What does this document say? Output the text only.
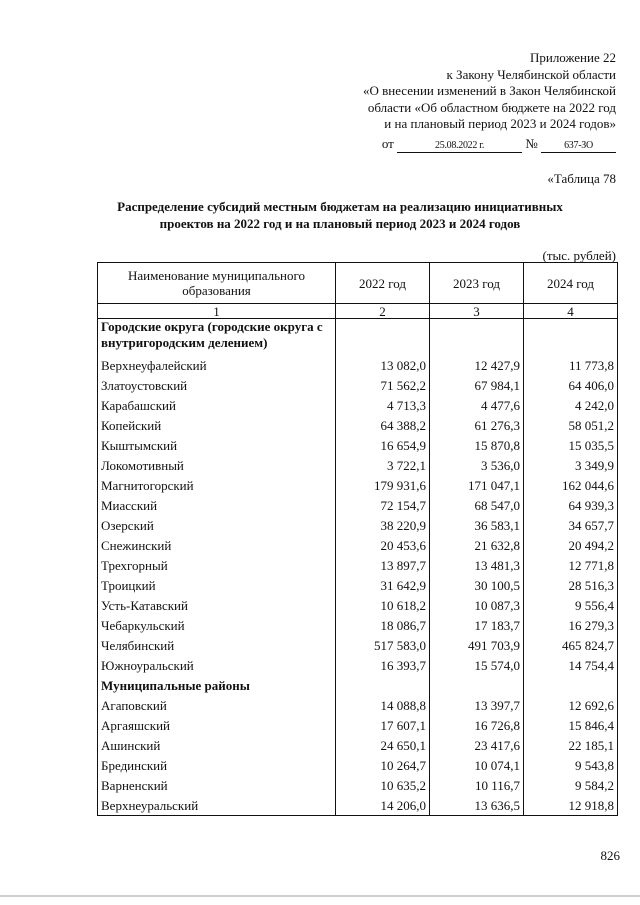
Приложение 22
к Закону Челябинской области
«О внесении изменений в Закон Челябинской
области «Об областном бюджете на 2022 год
и на плановый период 2023 и 2024 годов»
от	25.08.2022 г.	№	637-ЗО
«Таблица 78
Распределение субсидий местным бюджетам на реализацию инициативных
проектов на 2022 год и на плановый период 2023 и 2024 годов
(тыс. рублей)
Наименование муниципального образования	2022 год	2023 год	2024 год
1	2	3	4
Городские округа (городские округа с внутригородским делением)			
Верхнеуфалейский	13 082,0	12 427,9	11 773,8
Златоустовский	71 562,2	67 984,1	64 406,0
Карабашский	4 713,3	4 477,6	4 242,0
Копейский	64 388,2	61 276,3	58 051,2
Кыштымский	16 654,9	15 870,8	15 035,5
Локомотивный	3 722,1	3 536,0	3 349,9
Магнитогорский	179 931,6	171 047,1	162 044,6
Миасский	72 154,7	68 547,0	64 939,3
Озерский	38 220,9	36 583,1	34 657,7
Снежинский	20 453,6	21 632,8	20 494,2
Трехгорный	13 897,7	13 481,3	12 771,8
Троицкий	31 642,9	30 100,5	28 516,3
Усть-Катавский	10 618,2	10 087,3	9 556,4
Чебаркульский	18 086,7	17 183,7	16 279,3
Челябинский	517 583,0	491 703,9	465 824,7
Южноуральский	16 393,7	15 574,0	14 754,4
Муниципальные районы			
Агаповский	14 088,8	13 397,7	12 692,6
Аргаяшский	17 607,1	16 726,8	15 846,4
Ашинский	24 650,1	23 417,6	22 185,1
Брединский	10 264,7	10 074,1	9 543,8
Варненский	10 635,2	10 116,7	9 584,2
Верхнеуральский	14 206,0	13 636,5	12 918,8
826
